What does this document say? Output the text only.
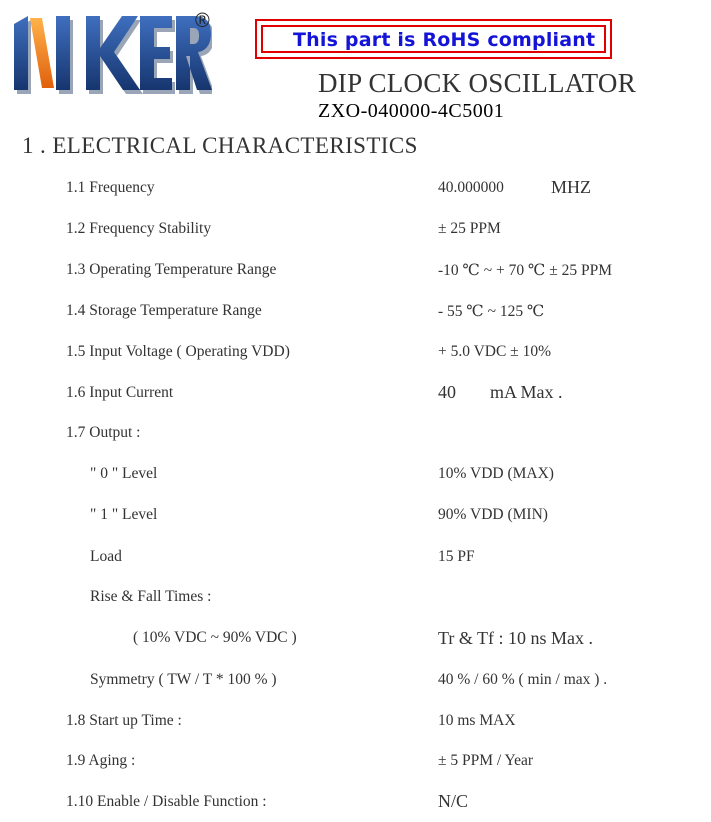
®
This part is RoHS compliant
DIP CLOCK OSCILLATOR
ZXO-040000-4C5001
1 . ELECTRICAL CHARACTERISTICS
1.1 Frequency	40.000000	MHZ
1.2 Frequency Stability	± 25 PPM
1.3 Operating Temperature Range	-10 ℃ ~ + 70 ℃ ± 25 PPM
1.4 Storage Temperature Range	- 55 ℃ ~ 125 ℃
1.5 Input Voltage ( Operating VDD)	+ 5.0 VDC ± 10%
1.6 Input Current	40 mA Max .
1.7 Output :
" 0 " Level	10% VDD (MAX)
" 1 " Level	90% VDD (MIN)
Load	15 PF
Rise & Fall Times :
( 10% VDC ~ 90% VDC )	Tr & Tf : 10 ns Max .
Symmetry ( TW / T * 100 % )	40 % / 60 % ( min / max ) .
1.8 Start up Time :	10 ms MAX
1.9 Aging :	± 5 PPM / Year
1.10 Enable / Disable Function :	N/C
